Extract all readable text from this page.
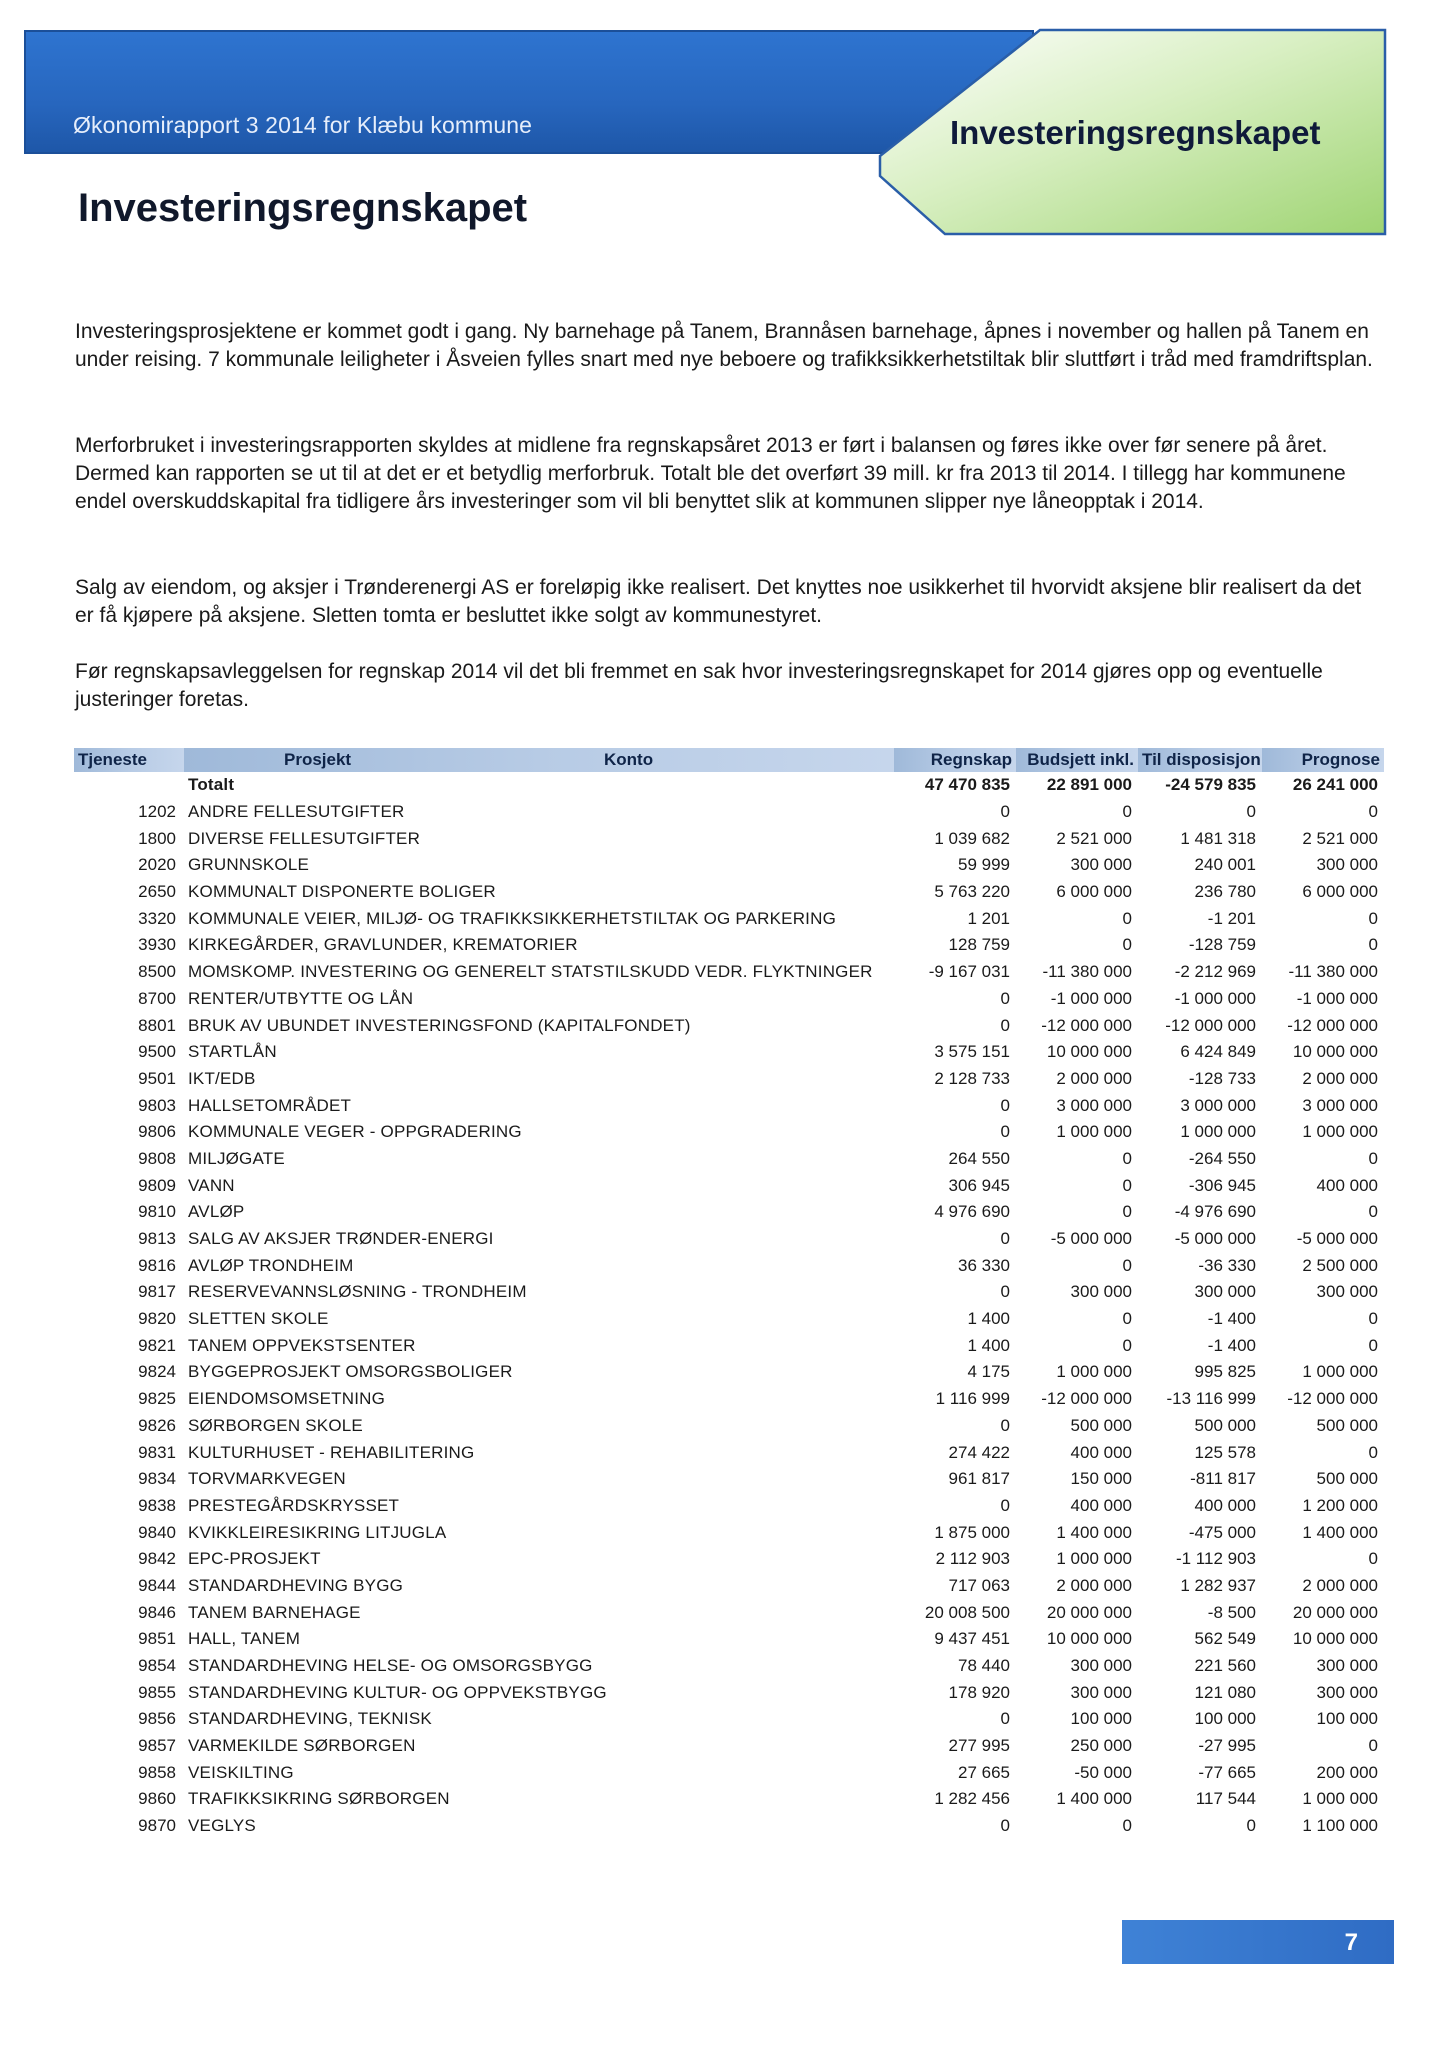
Økonomirapport 3 2014 for Klæbu kommune	Investeringsregnskapet
Investeringsregnskapet

Investeringsprosjektene er kommet godt i gang. Ny barnehage på Tanem, Brannåsen barnehage, åpnes i november og hallen på Tanem en under reising. 7 kommunale leiligheter i Åsveien fylles snart med nye beboere og trafikksikkerhetstiltak blir sluttført i tråd med framdriftsplan.

Merforbruket i investeringsrapporten skyldes at midlene fra regnskapsåret 2013 er ført i balansen og føres ikke over før senere på året. Dermed kan rapporten se ut til at det er et betydlig merforbruk. Totalt ble det overført 39 mill. kr fra 2013 til 2014. I tillegg har kommunene endel overskuddskapital fra tidligere års investeringer som vil bli benyttet slik at kommunen slipper nye låneopptak i 2014.

Salg av eiendom, og aksjer i Trønderenergi AS er foreløpig ikke realisert. Det knyttes noe usikkerhet til hvorvidt aksjene blir realisert da det er få kjøpere på aksjene. Sletten tomta er besluttet ikke solgt av kommunestyret.

Før regnskapsavleggelsen for regnskap 2014 vil det bli fremmet en sak hvor investeringsregnskapet for 2014 gjøres opp og eventuelle justeringer foretas.

Tjeneste	Prosjekt Konto	Regnskap	Budsjett inkl.	Til disposisjon	Prognose
	Totalt	47 470 835	22 891 000	-24 579 835	26 241 000
1202	ANDRE FELLESUTGIFTER	0	0	0	0
1800	DIVERSE FELLESUTGIFTER	1 039 682	2 521 000	1 481 318	2 521 000
2020	GRUNNSKOLE	59 999	300 000	240 001	300 000
2650	KOMMUNALT DISPONERTE BOLIGER	5 763 220	6 000 000	236 780	6 000 000
3320	KOMMUNALE VEIER, MILJØ- OG TRAFIKKSIKKERHETSTILTAK OG PARKERING	1 201	0	-1 201	0
3930	KIRKEGÅRDER, GRAVLUNDER, KREMATORIER	128 759	0	-128 759	0
8500	MOMSKOMP. INVESTERING OG GENERELT STATSTILSKUDD VEDR. FLYKTNINGER	-9 167 031	-11 380 000	-2 212 969	-11 380 000
8700	RENTER/UTBYTTE OG LÅN	0	-1 000 000	-1 000 000	-1 000 000
8801	BRUK AV UBUNDET INVESTERINGSFOND (KAPITALFONDET)	0	-12 000 000	-12 000 000	-12 000 000
9500	STARTLÅN	3 575 151	10 000 000	6 424 849	10 000 000
9501	IKT/EDB	2 128 733	2 000 000	-128 733	2 000 000
9803	HALLSETOMRÅDET	0	3 000 000	3 000 000	3 000 000
9806	KOMMUNALE VEGER - OPPGRADERING	0	1 000 000	1 000 000	1 000 000
9808	MILJØGATE	264 550	0	-264 550	0
9809	VANN	306 945	0	-306 945	400 000
9810	AVLØP	4 976 690	0	-4 976 690	0
9813	SALG AV AKSJER TRØNDER-ENERGI	0	-5 000 000	-5 000 000	-5 000 000
9816	AVLØP TRONDHEIM	36 330	0	-36 330	2 500 000
9817	RESERVEVANNSLØSNING - TRONDHEIM	0	300 000	300 000	300 000
9820	SLETTEN SKOLE	1 400	0	-1 400	0
9821	TANEM OPPVEKSTSENTER	1 400	0	-1 400	0
9824	BYGGEPROSJEKT OMSORGSBOLIGER	4 175	1 000 000	995 825	1 000 000
9825	EIENDOMSOMSETNING	1 116 999	-12 000 000	-13 116 999	-12 000 000
9826	SØRBORGEN SKOLE	0	500 000	500 000	500 000
9831	KULTURHUSET - REHABILITERING	274 422	400 000	125 578	0
9834	TORVMARKVEGEN	961 817	150 000	-811 817	500 000
9838	PRESTEGÅRDSKRYSSET	0	400 000	400 000	1 200 000
9840	KVIKKLEIRESIKRING LITJUGLA	1 875 000	1 400 000	-475 000	1 400 000
9842	EPC-PROSJEKT	2 112 903	1 000 000	-1 112 903	0
9844	STANDARDHEVING BYGG	717 063	2 000 000	1 282 937	2 000 000
9846	TANEM BARNEHAGE	20 008 500	20 000 000	-8 500	20 000 000
9851	HALL, TANEM	9 437 451	10 000 000	562 549	10 000 000
9854	STANDARDHEVING HELSE- OG OMSORGSBYGG	78 440	300 000	221 560	300 000
9855	STANDARDHEVING KULTUR- OG OPPVEKSTBYGG	178 920	300 000	121 080	300 000
9856	STANDARDHEVING, TEKNISK	0	100 000	100 000	100 000
9857	VARMEKILDE SØRBORGEN	277 995	250 000	-27 995	0
9858	VEISKILTING	27 665	-50 000	-77 665	200 000
9860	TRAFIKKSIKRING SØRBORGEN	1 282 456	1 400 000	117 544	1 000 000
9870	VEGLYS	0	0	0	1 100 000
7
